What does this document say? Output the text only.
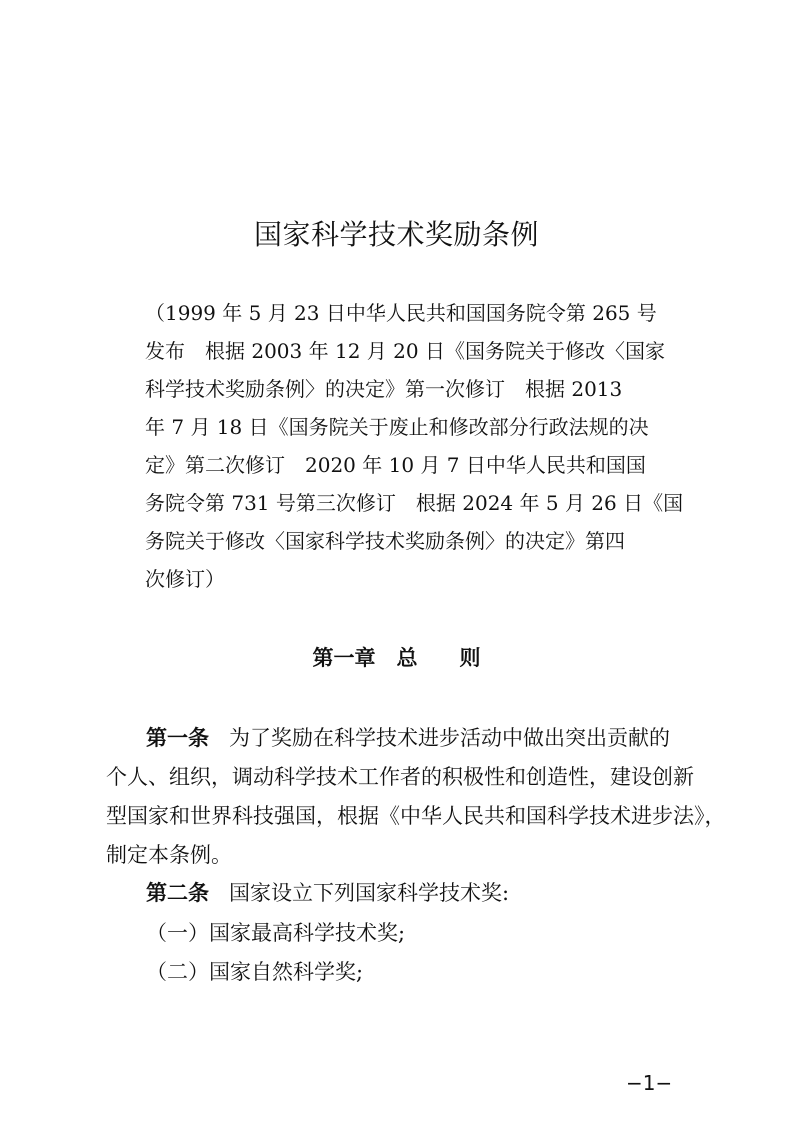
国家科学技术奖励条例
（1999 年 5 月 23 日中华人民共和国国务院令第 265 号
发布　根据 2003 年 12 月 20 日《国务院关于修改〈国家
科学技术奖励条例〉的决定》第一次修订　根据 2013
年 7 月 18 日《国务院关于废止和修改部分行政法规的决
定》第二次修订　2020 年 10 月 7 日中华人民共和国国
务院令第 731 号第三次修订　根据 2024 年 5 月 26 日《国
务院关于修改〈国家科学技术奖励条例〉的决定》第四
次修订）
第一章　总　　则
第一条 为了奖励在科学技术进步活动中做出突出贡献的
个人、组织，调动科学技术工作者的积极性和创造性，建设创新
型国家和世界科技强国，根据《中华人民共和国科学技术进步法》，
制定本条例。
第二条 国家设立下列国家科学技术奖:
（一）国家最高科学技术奖;
（二）国家自然科学奖;
−1−
